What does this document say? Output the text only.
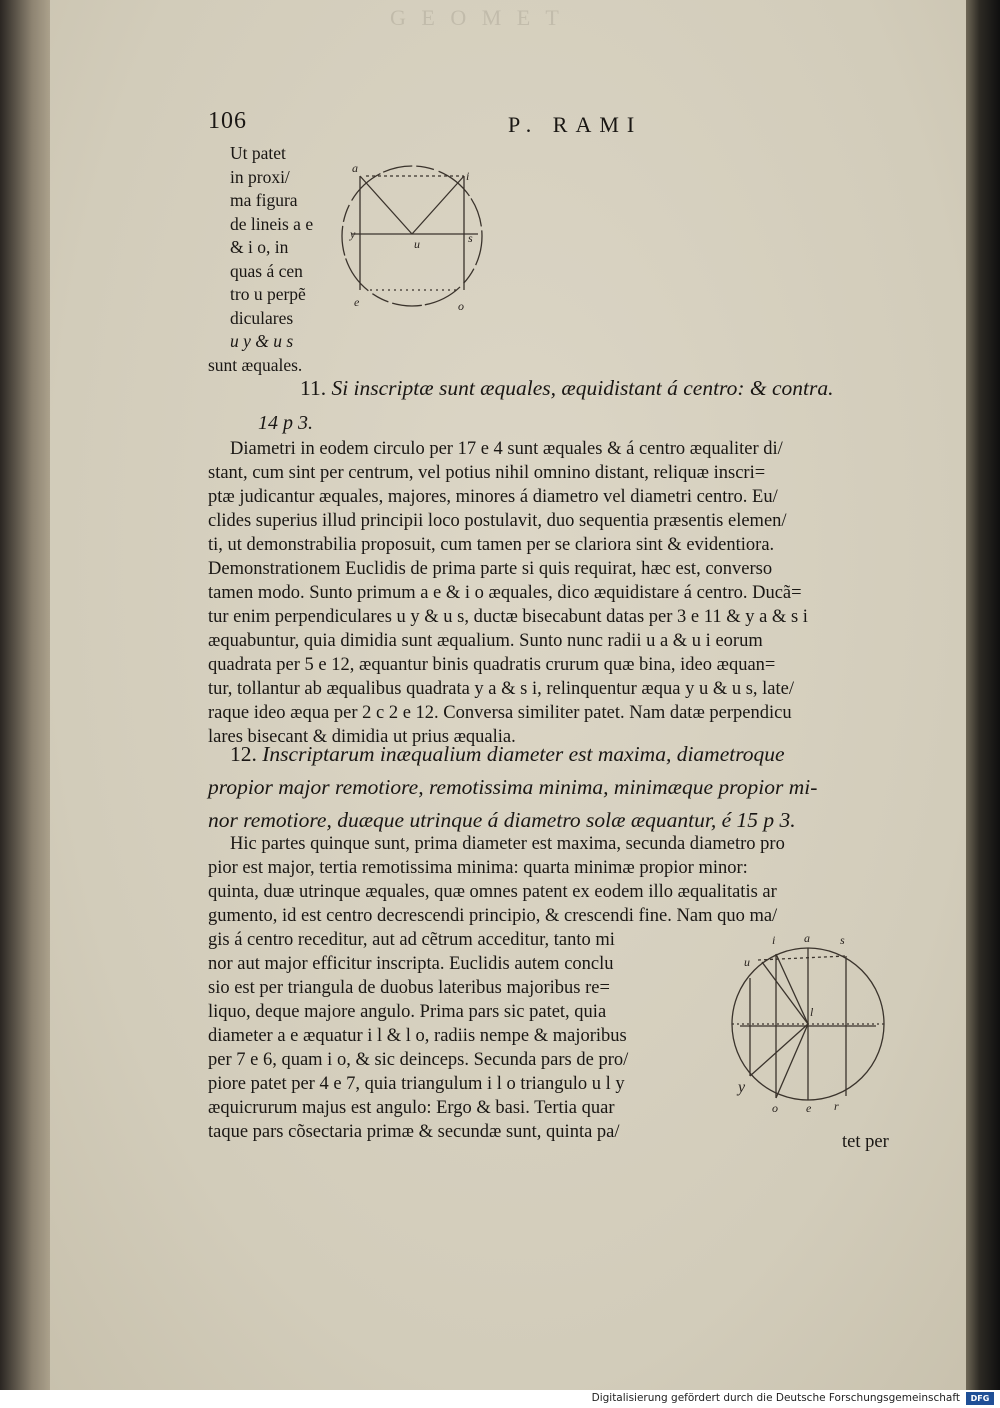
G E O M E T
106	P. RAMI
Ut patet
in proxi/
ma figura
de lineis a e
& i o, in
quas á cen
tro u perpẽ
diculares
u y & u s
sunt æquales.
a
i
y
u	s
e	o
11. Si inscriptæ sunt æquales, æquidistant á centro: & contra.
14 p 3.
Diametri in eodem circulo per 17 e 4 sunt æquales & á centro æqualiter di/
stant, cum sint per centrum, vel potius nihil omnino distant, reliquæ inscri=
ptæ judicantur æquales, majores, minores á diametro vel diametri centro. Eu/
clides superius illud principii loco postulavit, duo sequentia præsentis elemen/
ti, ut demonstrabilia proposuit, cum tamen per se clariora sint & evidentiora.
Demonstrationem Euclidis de prima parte si quis requirat, hæc est, converso
tamen modo. Sunto primum a e & i o æquales, dico æquidistare á centro. Ducã=
tur enim perpendiculares u y & u s, ductæ bisecabunt datas per 3 e 11 & y a & s i
æquabuntur, quia dimidia sunt æqualium. Sunto nunc radii u a & u i eorum
quadrata per 5 e 12, æquantur binis quadratis crurum quæ bina, ideo æquan=
tur, tollantur ab æqualibus quadrata y a & s i, relinquentur æqua y u & u s, late/
raque ideo æqua per 2 c 2 e 12. Conversa similiter patet. Nam datæ perpendicu
lares bisecant & dimidia ut prius æqualia.
12. Inscriptarum inæqualium diameter est maxima, diametroque
propior major remotiore, remotissima minima, minimæque propior mi-
nor remotiore, duæque utrinque á diametro solæ æquantur, é 15 p 3.
Hic partes quinque sunt, prima diameter est maxima, secunda diametro pro
pior est major, tertia remotissima minima: quarta minimæ propior minor:
quinta, duæ utrinque æquales, quæ omnes patent ex eodem illo æqualitatis ar
gumento, id est centro decrescendi principio, & crescendi fine. Nam quo ma/
gis á centro receditur, aut ad cẽtrum acceditur, tanto mi
nor aut major efficitur inscripta. Euclidis autem conclu
sio est per triangula de duobus lateribus majoribus re=
liquo, deque majore angulo. Prima pars sic patet, quia
diameter a e æquatur i l & l o, radiis nempe & majoribus
per 7 e 6, quam i o, & sic deinceps. Secunda pars de pro/
piore patet per 4 e 7, quia triangulum i l o triangulo u l y
æquicrurum majus est angulo: Ergo & basi. Tertia quar
taque pars cõsectaria primæ & secundæ sunt, quinta pa/
i a	s
u
l
y
o e r
tet per
Digitalisierung gefördert durch die Deutsche Forschungsgemeinschaft	DFG
